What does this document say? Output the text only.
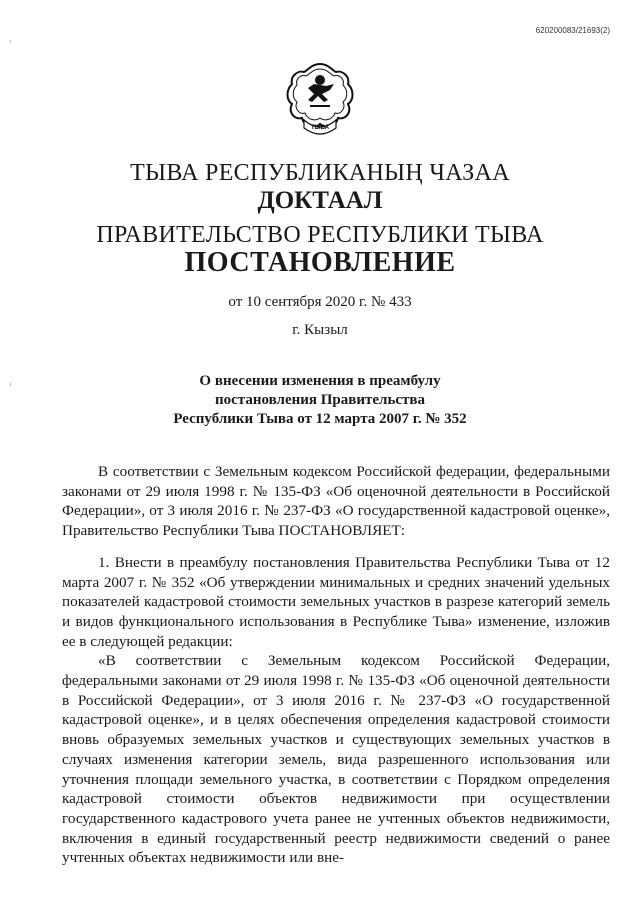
620200083/21693(2)
ТЫВА
ТЫВА РЕСПУБЛИКАНЫҢ ЧАЗАА
ДОКТААЛ
ПРАВИТЕЛЬСТВО РЕСПУБЛИКИ ТЫВА
ПОСТАНОВЛЕНИЕ
от 10 сентября 2020 г. № 433
г. Кызыл
О внесении изменения в преамбулу
постановления Правительства
Республики Тыва от 12 марта 2007 г. № 352

В соответствии с Земельным кодексом Российской федерации, федеральными законами от 29 июля 1998 г. № 135-ФЗ «Об оценочной деятельности в Российской Федерации», от 3 июля 2016 г. № 237-ФЗ «О государственной кадастровой оценке», Правительство Республики Тыва ПОСТАНОВЛЯЕТ:

1. Внести в преамбулу постановления Правительства Республики Тыва от 12 марта 2007 г. № 352 «Об утверждении минимальных и средних значений удельных показателей кадастровой стоимости земельных участков в разрезе категорий земель и видов функционального использования в Республике Тыва» изменение, изложив ее в следующей редакции:

«В соответствии с Земельным кодексом Российской Федерации, федеральными законами от 29 июля 1998 г. № 135-ФЗ «Об оценочной деятельности в Российской Федерации», от 3 июля 2016 г. № 237-ФЗ «О государственной кадастровой оценке», и в целях обеспечения определения кадастровой стоимости вновь образуемых земельных участков и существующих земельных участков в случаях изменения категории земель, вида разрешенного использования или уточнения площади земельного участка, в соответствии с Порядком определения кадастровой стоимости объектов недвижимости при осуществлении государственного кадастрового учета ранее не учтенных объектов недвижимости, включения в единый государственный реестр недвижимости сведений о ранее учтенных объектах недвижимости или вне-
